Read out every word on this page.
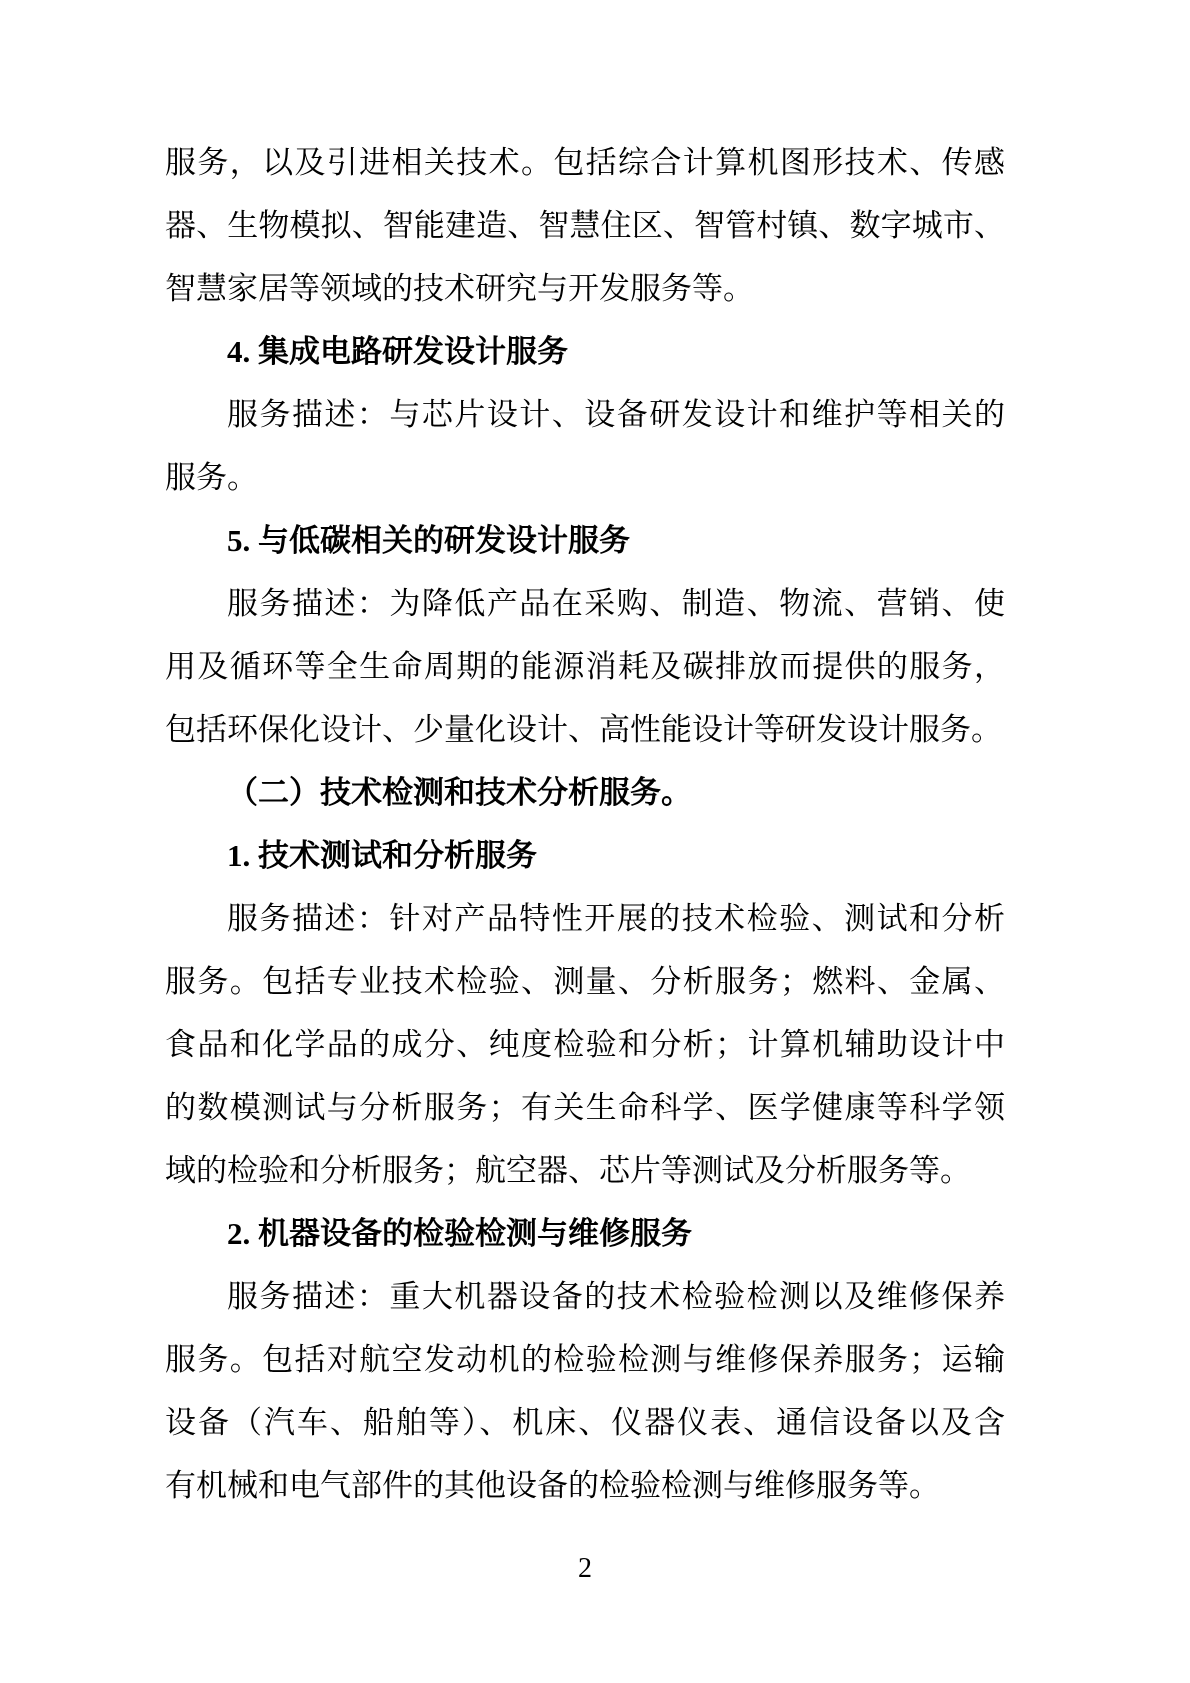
服务，以及引进相关技术。包括综合计算机图形技术、传感
器、生物模拟、智能建造、智慧住区、智管村镇、数字城市、
智慧家居等领域的技术研究与开发服务等。
4. 集成电路研发设计服务
服务描述：与芯片设计、设备研发设计和维护等相关的
服务。
5. 与低碳相关的研发设计服务
服务描述：为降低产品在采购、制造、物流、营销、使
用及循环等全生命周期的能源消耗及碳排放而提供的服务，
包括环保化设计、少量化设计、高性能设计等研发设计服务。
（二）技术检测和技术分析服务。
1. 技术测试和分析服务
服务描述：针对产品特性开展的技术检验、测试和分析
服务。包括专业技术检验、测量、分析服务；燃料、金属、
食品和化学品的成分、纯度检验和分析；计算机辅助设计中
的数模测试与分析服务；有关生命科学、医学健康等科学领
域的检验和分析服务；航空器、芯片等测试及分析服务等。
2. 机器设备的检验检测与维修服务
服务描述：重大机器设备的技术检验检测以及维修保养
服务。包括对航空发动机的检验检测与维修保养服务；运输
设备（汽车、船舶等）、机床、仪器仪表、通信设备以及含
有机械和电气部件的其他设备的检验检测与维修服务等。
2
